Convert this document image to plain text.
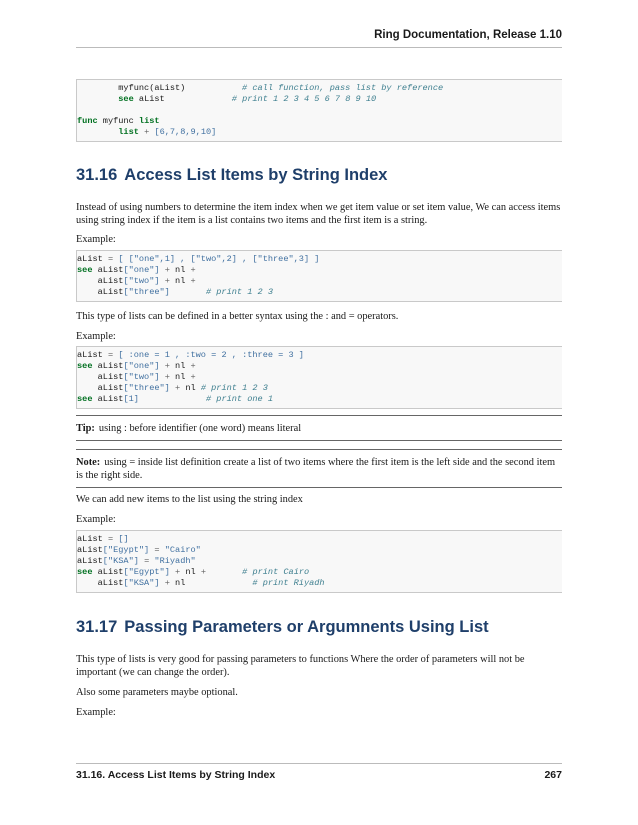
Ring Documentation, Release 1.10
myfunc(aList)           # call function, pass list by reference
see aList             # print 1 2 3 4 5 6 7 8 9 10
func myfunc list
list + [6,7,8,9,10]
31.16 Access List Items by String Index

Instead of using numbers to determine the item index when we get item value or set item value, We can access items using string index if the item is a list contains two items and the first item is a string.

Example:

aList = [ ["one",1] , ["two",2] , ["three",3] ]
see aList["one"] + nl +
aList["two"] + nl +
aList["three"]	# print 1 2 3

This type of lists can be defined in a better syntax using the : and = operators.

Example:

aList = [ :one = 1 , :two = 2 , :three = 3 ]
see aList["one"] + nl +
aList["two"] + nl +
aList["three"] + nl # print 1 2 3
see aList[1]	# print one 1
Tip: using : before identifier (one word) means literal
Note: using = inside list definition create a list of two items where the first item is the left side and the second item is the right side.

We can add new items to the list using the string index

Example:

aList = []
aList["Egypt"] = "Cairo"
aList["KSA"] = "Riyadh"
see aList["Egypt"] + nl +	# print Cairo
aList["KSA"] + nl             # print Riyadh
31.17 Passing Parameters or Argumnents Using List

This type of lists is very good for passing parameters to functions Where the order of parameters will not be important (we can change the order).

Also some parameters maybe optional.

Example:

31.16. Access List Items by String Index	267
